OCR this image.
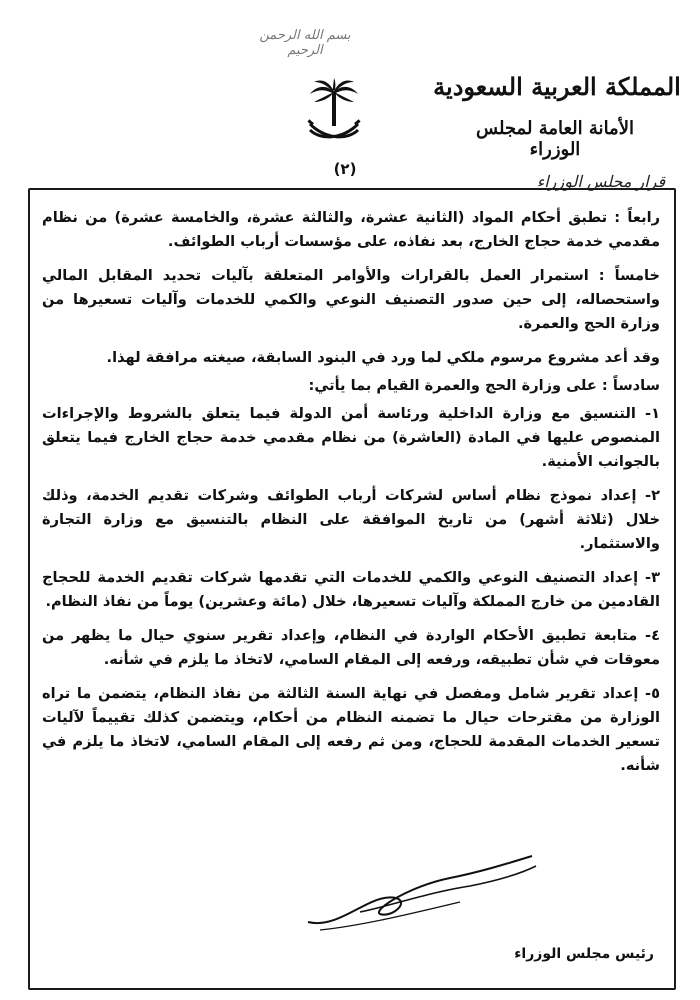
بسم الله الرحمن الرحيم
المملكة العربية السعودية
الأمانة العامة لمجلس الوزراء
(٢)
قرار مجلس الوزراء

رابعاً : تطبق أحكام المواد (الثانية عشرة، والثالثة عشرة، والخامسة عشرة) من نظام مقدمي خدمة حجاج الخارج، بعد نفاذه، على مؤسسات أرباب الطوائف.

خامساً : استمرار العمل بالقرارات والأوامر المتعلقة بآليات تحديد المقابل المالي واستحصاله، إلى حين صدور التصنيف النوعي والكمي للخدمات وآليات تسعيرها من وزارة الحج والعمرة.

وقد أعد مشروع مرسوم ملكي لما ورد في البنود السابقة، صيغته مرافقة لهذا.

سادساً : على وزارة الحج والعمرة القيام بما يأتي:

١- التنسيق مع وزارة الداخلية ورئاسة أمن الدولة فيما يتعلق بالشروط والإجراءات المنصوص عليها في المادة (العاشرة) من نظام مقدمي خدمة حجاج الخارج فيما يتعلق بالجوانب الأمنية.

٢- إعداد نموذج نظام أساس لشركات أرباب الطوائف وشركات تقديم الخدمة، وذلك خلال (ثلاثة أشهر) من تاريخ الموافقة على النظام بالتنسيق مع وزارة التجارة والاستثمار.

٣- إعداد التصنيف النوعي والكمي للخدمات التي تقدمها شركات تقديم الخدمة للحجاج القادمين من خارج المملكة وآليات تسعيرها، خلال (مائة وعشرين) يوماً من نفاذ النظام.

٤- متابعة تطبيق الأحكام الواردة في النظام، وإعداد تقرير سنوي حيال ما يظهر من معوقات في شأن تطبيقه، ورفعه إلى المقام السامي، لاتخاذ ما يلزم في شأنه.

٥- إعداد تقرير شامل ومفصل في نهاية السنة الثالثة من نفاذ النظام، يتضمن ما تراه الوزارة من مقترحات حيال ما تضمنه النظام من أحكام، ويتضمن كذلك تقييماً لآليات تسعير الخدمات المقدمة للحجاج، ومن ثم رفعه إلى المقام السامي، لاتخاذ ما يلزم في شأنه.

رئيس مجلس الوزراء
